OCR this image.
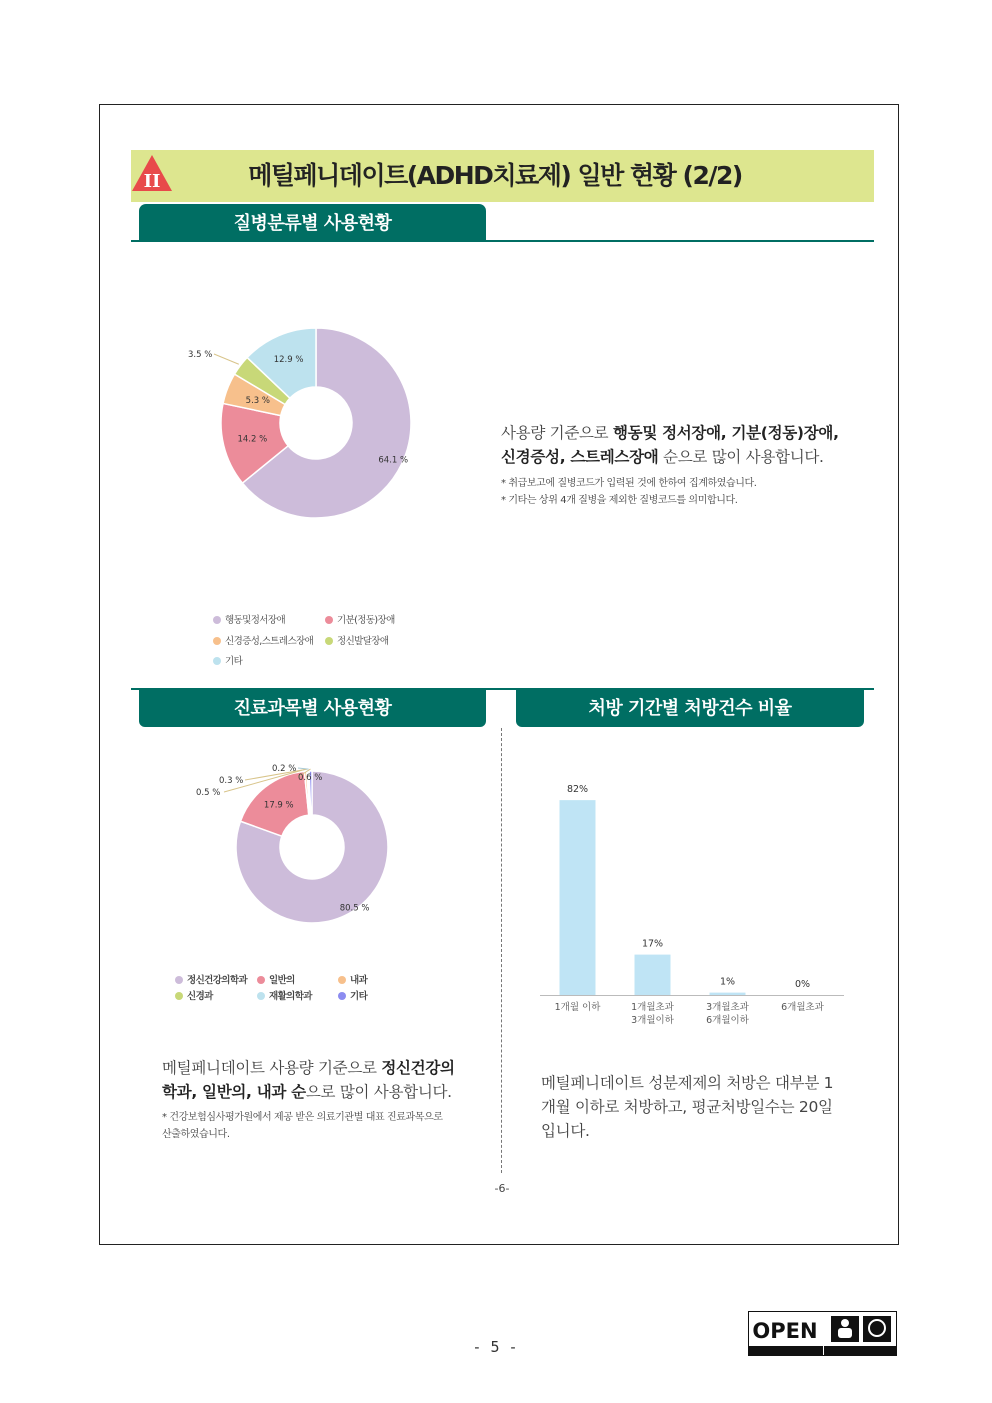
II	메틸페니데이트(ADHD치료제) 일반 현황 (2/2)
질병분류별 사용현황
64.1 %
14.2 %
5.3 %
3.5 %
12.9 %
행동및정서장애	기분(정동)장애
신경증성,스트레스장애	정신발달장애
기타
사용량 기준으로 행동및 정서장애, 기분(정동)장애,
신경증성, 스트레스장애 순으로 많이 사용합니다.
* 취급보고에 질병코드가 입력된 것에 한하여 집계하였습니다.
* 기타는 상위 4개 질병을 제외한 질병코드를 의미합니다.
진료과목별 사용현황	처방 기간별 처방건수 비율
80.5 %
17.9 %
0.5 %
0.3 %
0.2 %
0.6 %
정신건강의학과	일반의	내과
신경과	재활의학과	기타
메틸페니데이트 사용량 기준으로 정신건강의
학과, 일반의, 내과 순으로 많이 사용합니다.
* 건강보험심사평가원에서 제공 받은 의료기관별 대표 진료과목으로
산출하였습니다.
82%
1개월 이하
17%
1개월초과
3개월이하
1%
3개월초과
6개월이하
0%
6개월초과
메틸페니데이트 성분제제의 처방은 대부분 1
개월 이하로 처방하고, 평균처방일수는 20일
입니다.
-6-
- 5 -
OPEN
